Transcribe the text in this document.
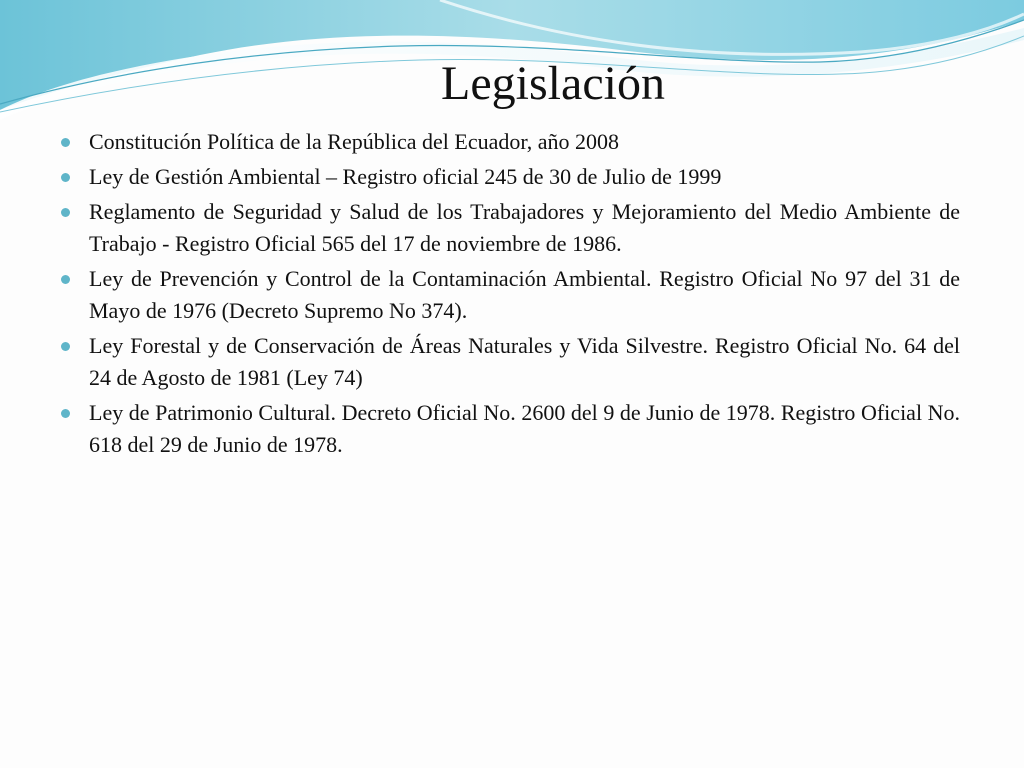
Legislación
Constitución Política de la República del Ecuador, año 2008
Ley de Gestión Ambiental – Registro oficial 245 de 30 de Julio de 1999
Reglamento de Seguridad y Salud de los Trabajadores y Mejoramiento del Medio Ambiente de Trabajo - Registro Oficial 565 del 17 de noviembre de 1986.
Ley de Prevención y Control de la Contaminación Ambiental. Registro Oficial No 97 del 31 de Mayo de 1976 (Decreto Supremo No 374).
Ley Forestal y de Conservación de Áreas Naturales y Vida Silvestre. Registro Oficial No. 64 del 24 de Agosto de 1981 (Ley 74)
Ley de Patrimonio Cultural. Decreto Oficial No. 2600 del 9 de Junio de 1978. Registro Oficial No. 618 del 29 de Junio de 1978.
